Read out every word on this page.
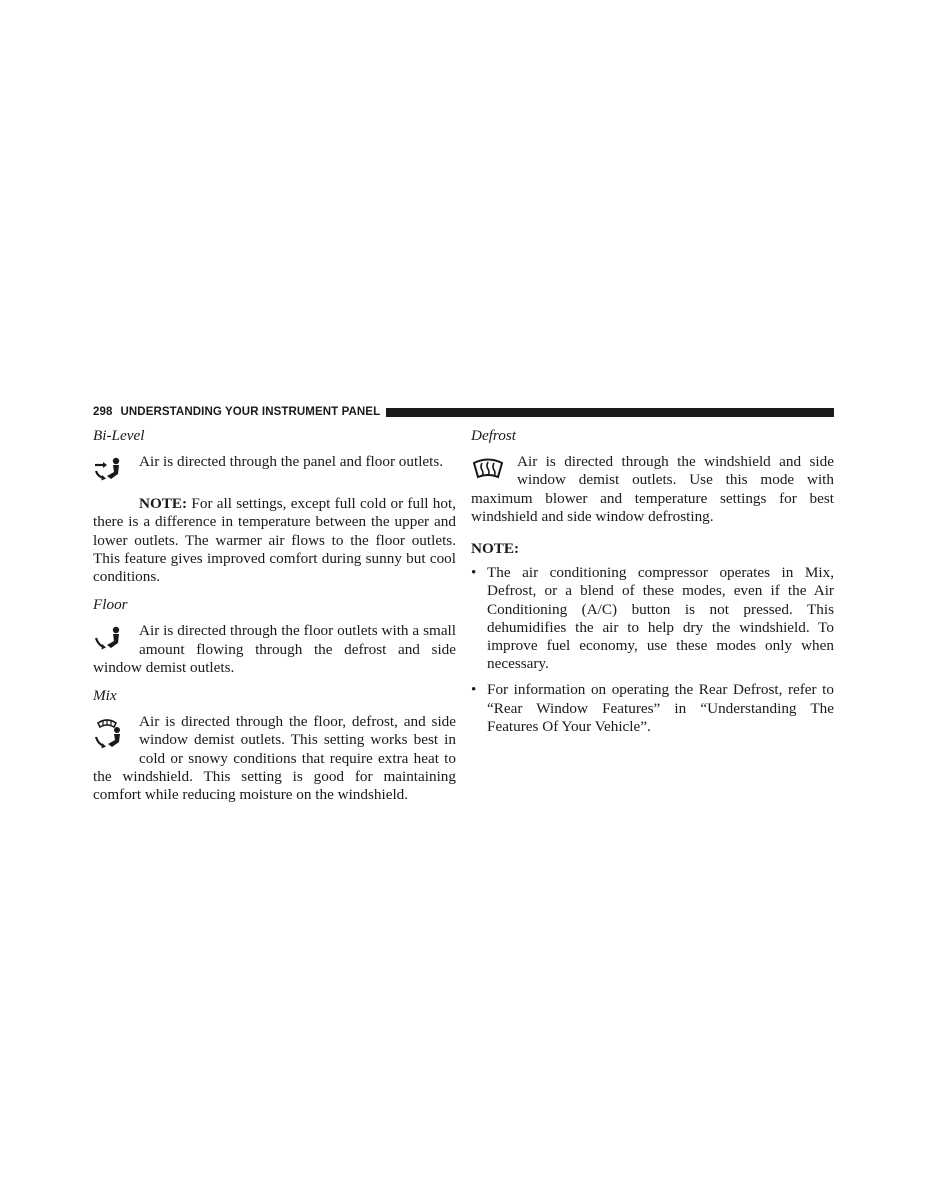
298 UNDERSTANDING YOUR INSTRUMENT PANEL
Bi-Level
Air is directed through the panel and floor outlets.
NOTE: For all settings, except full cold or full hot, there is a difference in temperature between the upper and lower outlets. The warmer air flows to the floor outlets. This feature gives improved comfort during sunny but cool conditions.
Floor
Air is directed through the floor outlets with a small amount flowing through the defrost and side window demist outlets.
Mix
Air is directed through the floor, defrost, and side window demist outlets. This setting works best in cold or snowy conditions that require extra heat to the windshield. This setting is good for maintaining comfort while reducing moisture on the windshield.
Defrost
Air is directed through the windshield and side window demist outlets. Use this mode with maximum blower and temperature settings for best windshield and side window defrosting.
NOTE:
• The air conditioning compressor operates in Mix, Defrost, or a blend of these modes, even if the Air Conditioning (A/C) button is not pressed. This dehumidifies the air to help dry the windshield. To improve fuel economy, use these modes only when necessary.
• For information on operating the Rear Defrost, refer to “Rear Window Features” in “Understanding The Features Of Your Vehicle”.
